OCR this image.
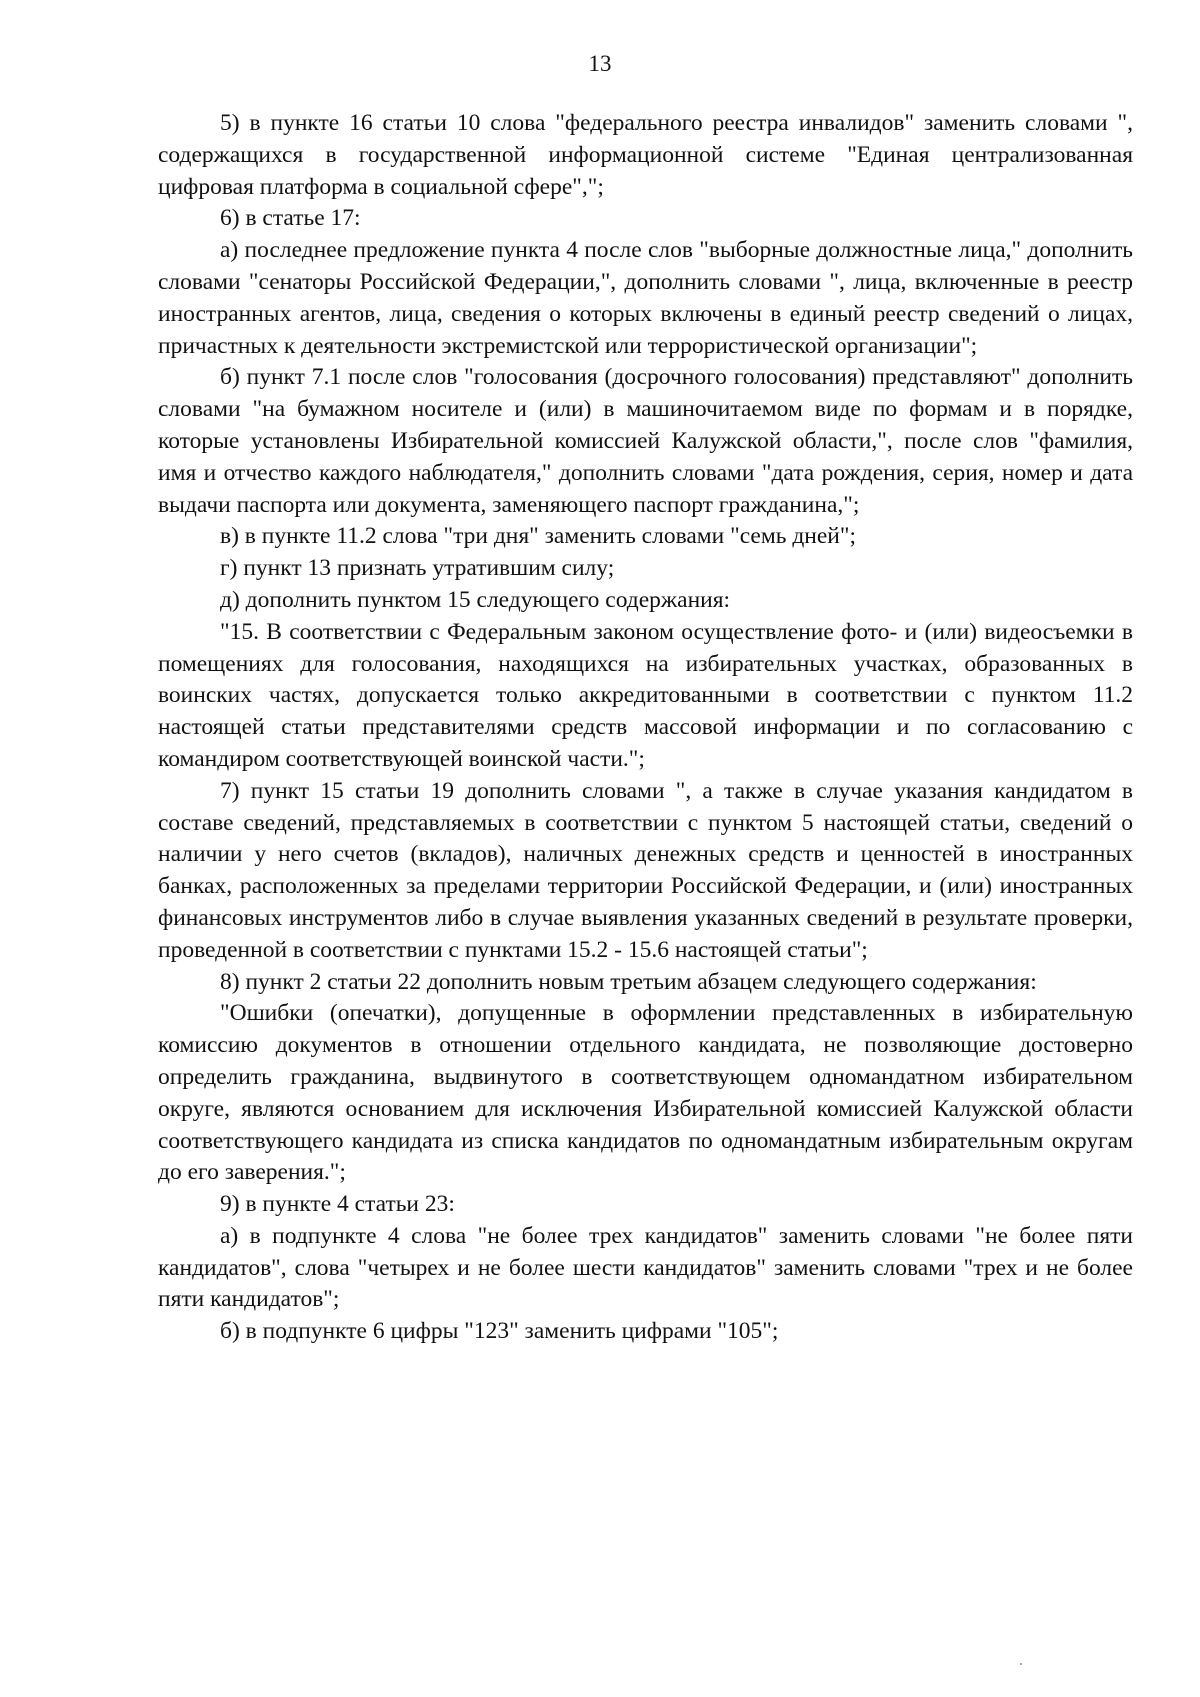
13

5) в пункте 16 статьи 10 слова "федерального реестра инвалидов" заменить словами ", содержащихся в государственной информационной системе "Единая централизованная цифровая платформа в социальной сфере",";

6) в статье 17:

а) последнее предложение пункта 4 после слов "выборные должностные лица," дополнить словами "сенаторы Российской Федерации,", дополнить словами ", лица, включенные в реестр иностранных агентов, лица, сведения о которых включены в единый реестр сведений о лицах, причастных к деятельности экстремистской или террористической организации";

б) пункт 7.1 после слов "голосования (досрочного голосования) представляют" дополнить словами "на бумажном носителе и (или) в машиночитаемом виде по формам и в порядке, которые установлены Избирательной комиссией Калужской области,", после слов "фамилия, имя и отчество каждого наблюдателя," дополнить словами "дата рождения, серия, номер и дата выдачи паспорта или документа, заменяющего паспорт гражданина,";

в) в пункте 11.2 слова "три дня" заменить словами "семь дней";

г) пункт 13 признать утратившим силу;

д) дополнить пунктом 15 следующего содержания:

"15. В соответствии с Федеральным законом осуществление фото- и (или) видеосъемки в помещениях для голосования, находящихся на избирательных участках, образованных в воинских частях, допускается только аккредитованными в соответствии с пунктом 11.2 настоящей статьи представителями средств массовой информации и по согласованию с командиром соответствующей воинской части.";

7) пункт 15 статьи 19 дополнить словами ", а также в случае указания кандидатом в составе сведений, представляемых в соответствии с пунктом 5 настоящей статьи, сведений о наличии у него счетов (вкладов), наличных денежных средств и ценностей в иностранных банках, расположенных за пределами территории Российской Федерации, и (или) иностранных финансовых инструментов либо в случае выявления указанных сведений в результате проверки, проведенной в соответствии с пунктами 15.2 - 15.6 настоящей статьи";

8) пункт 2 статьи 22 дополнить новым третьим абзацем следующего содержания:

"Ошибки (опечатки), допущенные в оформлении представленных в избирательную комиссию документов в отношении отдельного кандидата, не позволяющие достоверно определить гражданина, выдвинутого в соответствующем одномандатном избирательном округе, являются основанием для исключения Избирательной комиссией Калужской области соответствующего кандидата из списка кандидатов по одномандатным избирательным округам до его заверения.";

9) в пункте 4 статьи 23:

а) в подпункте 4 слова "не более трех кандидатов" заменить словами "не более пяти кандидатов", слова "четырех и не более шести кандидатов" заменить словами "трех и не более пяти кандидатов";

б) в подпункте 6 цифры "123" заменить цифрами "105";
